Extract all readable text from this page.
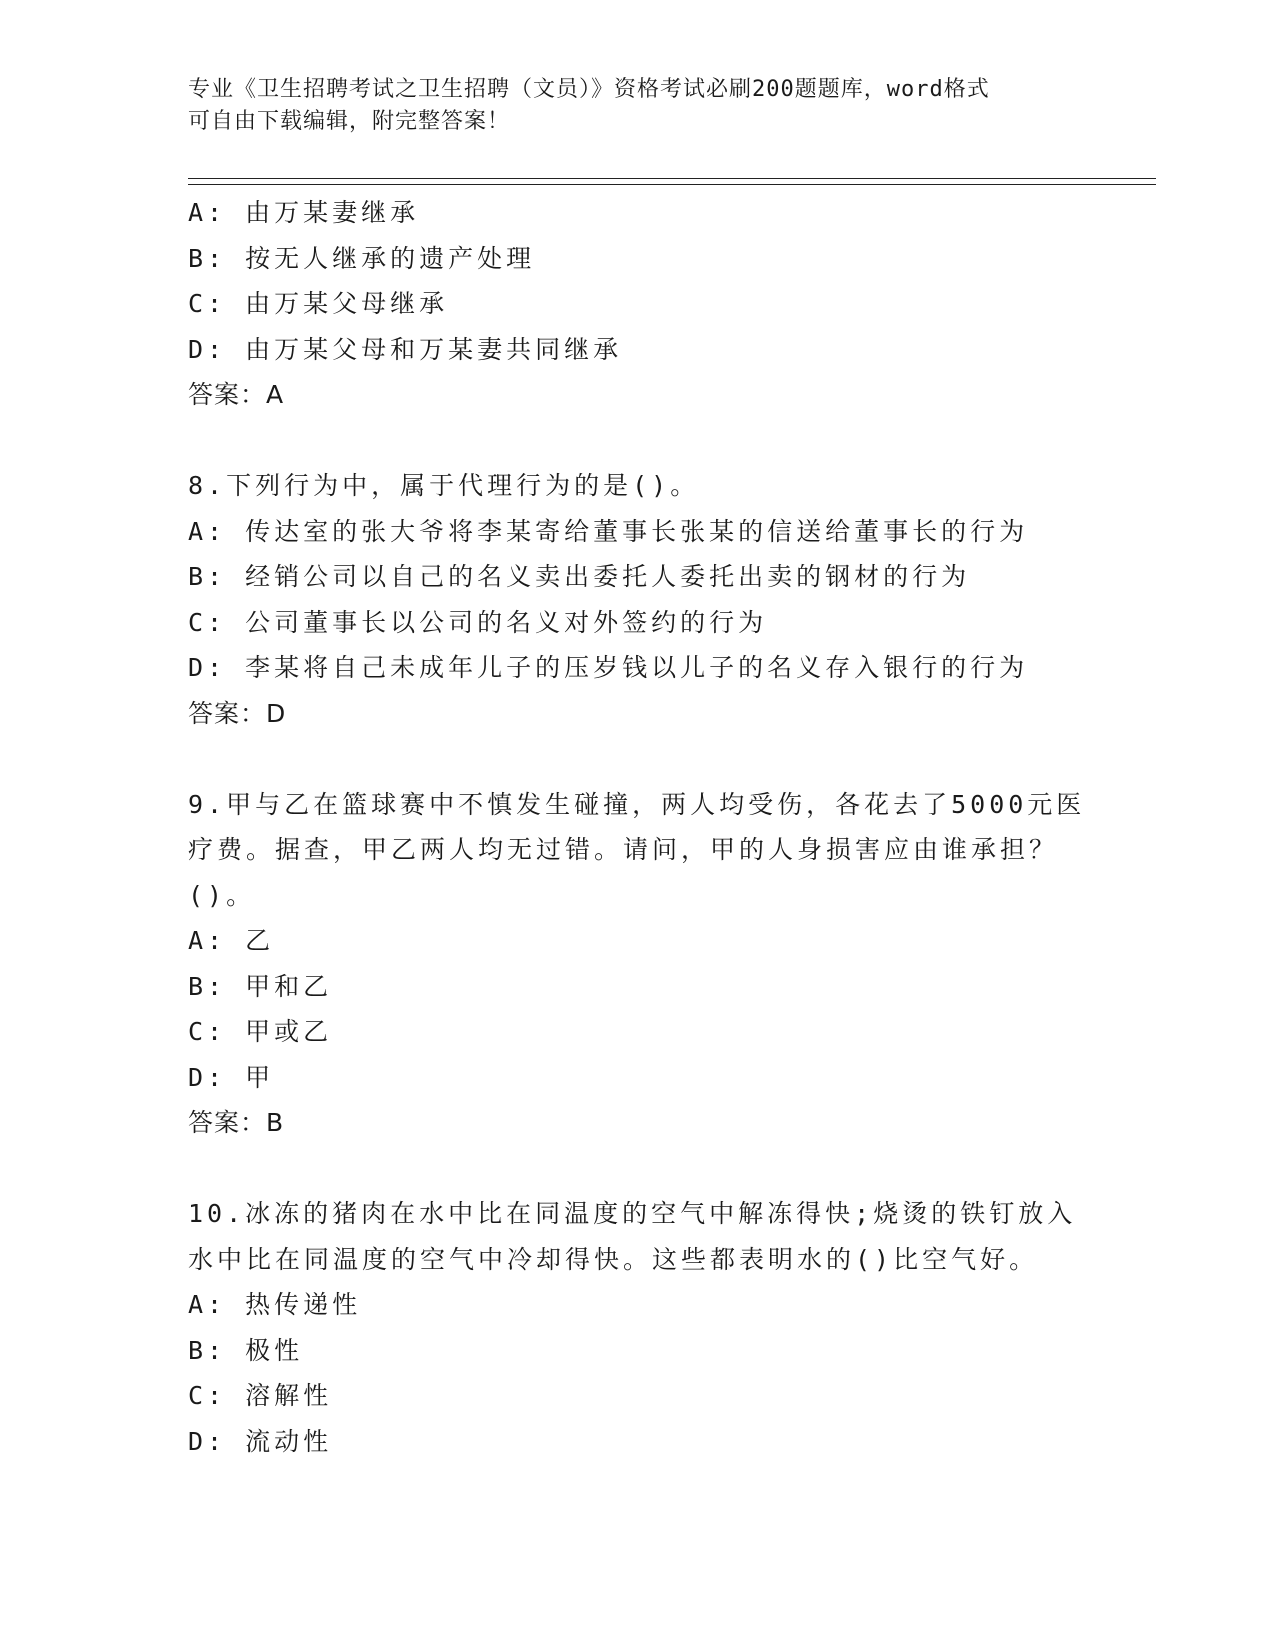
专业《卫生招聘考试之卫生招聘（文员）》资格考试必刷200题题库，word格式
可自由下载编辑，附完整答案！
A: 由万某妻继承
B: 按无人继承的遗产处理
C: 由万某父母继承
D: 由万某父母和万某妻共同继承
答案：A
8.下列行为中，属于代理行为的是()。
A: 传达室的张大爷将李某寄给董事长张某的信送给董事长的行为
B: 经销公司以自己的名义卖出委托人委托出卖的钢材的行为
C: 公司董事长以公司的名义对外签约的行为
D: 李某将自己未成年儿子的压岁钱以儿子的名义存入银行的行为
答案：D
9.甲与乙在篮球赛中不慎发生碰撞，两人均受伤，各花去了5000元医
疗费。据查，甲乙两人均无过错。请问，甲的人身损害应由谁承担？
()。
A: 乙
B: 甲和乙
C: 甲或乙
D: 甲
答案：B
10.冰冻的猪肉在水中比在同温度的空气中解冻得快;烧烫的铁钉放入
水中比在同温度的空气中冷却得快。这些都表明水的()比空气好。
A: 热传递性
B: 极性
C: 溶解性
D: 流动性
